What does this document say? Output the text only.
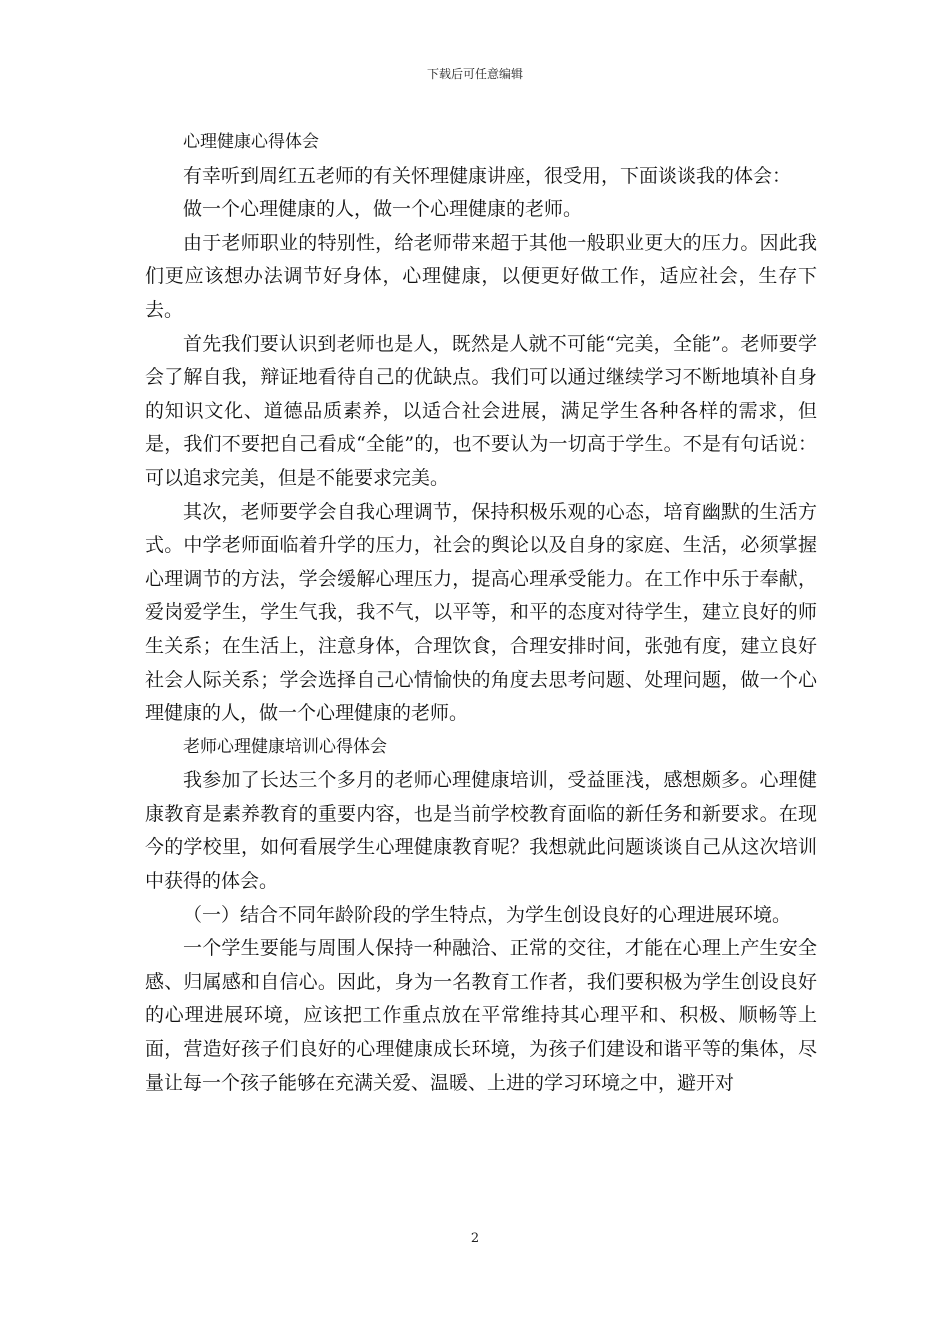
下载后可任意编辑

心理健康心得体会

有幸听到周红五老师的有关怀理健康讲座，很受用，下面谈谈我的体会：

做一个心理健康的人，做一个心理健康的老师。

由于老师职业的特别性，给老师带来超于其他一般职业更大的压力。因此我们更应该想办法调节好身体，心理健康，以便更好做工作，适应社会，生存下去。

首先我们要认识到老师也是人，既然是人就不可能“完美，全能”。老师要学会了解自我，辩证地看待自己的优缺点。我们可以通过继续学习不断地填补自身的知识文化、道德品质素养，以适合社会进展，满足学生各种各样的需求，但是，我们不要把自己看成“全能”的，也不要认为一切高于学生。不是有句话说：可以追求完美，但是不能要求完美。

其次，老师要学会自我心理调节，保持积极乐观的心态，培育幽默的生活方式。中学老师面临着升学的压力，社会的舆论以及自身的家庭、生活，必须掌握心理调节的方法，学会缓解心理压力，提高心理承受能力。在工作中乐于奉献，爱岗爱学生，学生气我，我不气，以平等，和平的态度对待学生，建立良好的师生关系；在生活上，注意身体，合理饮食，合理安排时间，张弛有度，建立良好社会人际关系；学会选择自己心情愉快的角度去思考问题、处理问题，做一个心理健康的人，做一个心理健康的老师。

老师心理健康培训心得体会

我参加了长达三个多月的老师心理健康培训，受益匪浅，感想颇多。心理健康教育是素养教育的重要内容，也是当前学校教育面临的新任务和新要求。在现今的学校里，如何看展学生心理健康教育呢？我想就此问题谈谈自己从这次培训中获得的体会。

（一）结合不同年龄阶段的学生特点，为学生创设良好的心理进展环境。

一个学生要能与周围人保持一种融洽、正常的交往，才能在心理上产生安全感、归属感和自信心。因此，身为一名教育工作者，我们要积极为学生创设良好的心理进展环境，应该把工作重点放在平常维持其心理平和、积极、顺畅等上面，营造好孩子们良好的心理健康成长环境，为孩子们建设和谐平等的集体，尽量让每一个孩子能够在充满关爱、温暖、上进的学习环境之中，避开对

2
